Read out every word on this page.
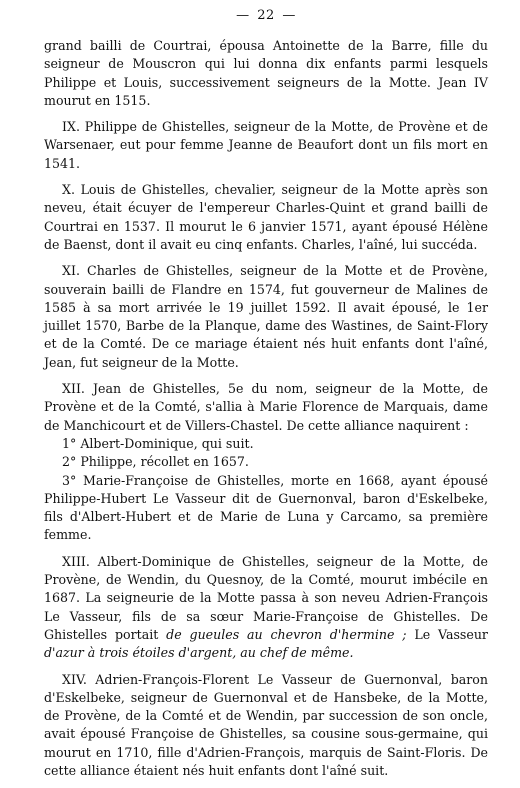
— 22 —

grand bailli de Courtrai, épousa Antoinette de la Barre, fille du seigneur de Mouscron qui lui donna dix enfants parmi lesquels Philippe et Louis, successivement seigneurs de la Motte. Jean IV mourut en 1515.

IX. Philippe de Ghistelles, seigneur de la Motte, de Provène et de Warsenaer, eut pour femme Jeanne de Beaufort dont un fils mort en 1541.

X. Louis de Ghistelles, chevalier, seigneur de la Motte après son neveu, était écuyer de l'empereur Charles-Quint et grand bailli de Courtrai en 1537. Il mourut le 6 janvier 1571, ayant épousé Hélène de Baenst, dont il avait eu cinq enfants. Charles, l'aîné, lui succéda.

XI. Charles de Ghistelles, seigneur de la Motte et de Provène, souverain bailli de Flandre en 1574, fut gouverneur de Malines de 1585 à sa mort arrivée le 19 juillet 1592. Il avait épousé, le 1er juillet 1570, Barbe de la Planque, dame des Wastines, de Saint-Flory et de la Comté. De ce mariage étaient nés huit enfants dont l'aîné, Jean, fut seigneur de la Motte.

XII. Jean de Ghistelles, 5e du nom, seigneur de la Motte, de Provène et de la Comté, s'allia à Marie Florence de Marquais, dame de Manchicourt et de Villers-Chastel. De cette alliance naquirent :

1° Albert-Dominique, qui suit.

2° Philippe, récollet en 1657.

3° Marie-Françoise de Ghistelles, morte en 1668, ayant épousé Philippe-Hubert Le Vasseur dit de Guernonval, baron d'Eskelbeke, fils d'Albert-Hubert et de Marie de Luna y Carcamo, sa première femme.

XIII. Albert-Dominique de Ghistelles, seigneur de la Motte, de Provène, de Wendin, du Quesnoy, de la Comté, mourut imbécile en 1687. La seigneurie de la Motte passa à son neveu Adrien-François Le Vasseur, fils de sa sœur Marie-Françoise de Ghistelles. De Ghistelles portait de gueules au chevron d'hermine ; Le Vasseur d'azur à trois étoiles d'argent, au chef de même.

XIV. Adrien-François-Florent Le Vasseur de Guernonval, baron d'Eskelbeke, seigneur de Guernonval et de Hansbeke, de la Motte, de Provène, de la Comté et de Wendin, par succession de son oncle, avait épousé Françoise de Ghistelles, sa cousine sous-germaine, qui mourut en 1710, fille d'Adrien-François, marquis de Saint-Floris. De cette alliance étaient nés huit enfants dont l'aîné suit.
